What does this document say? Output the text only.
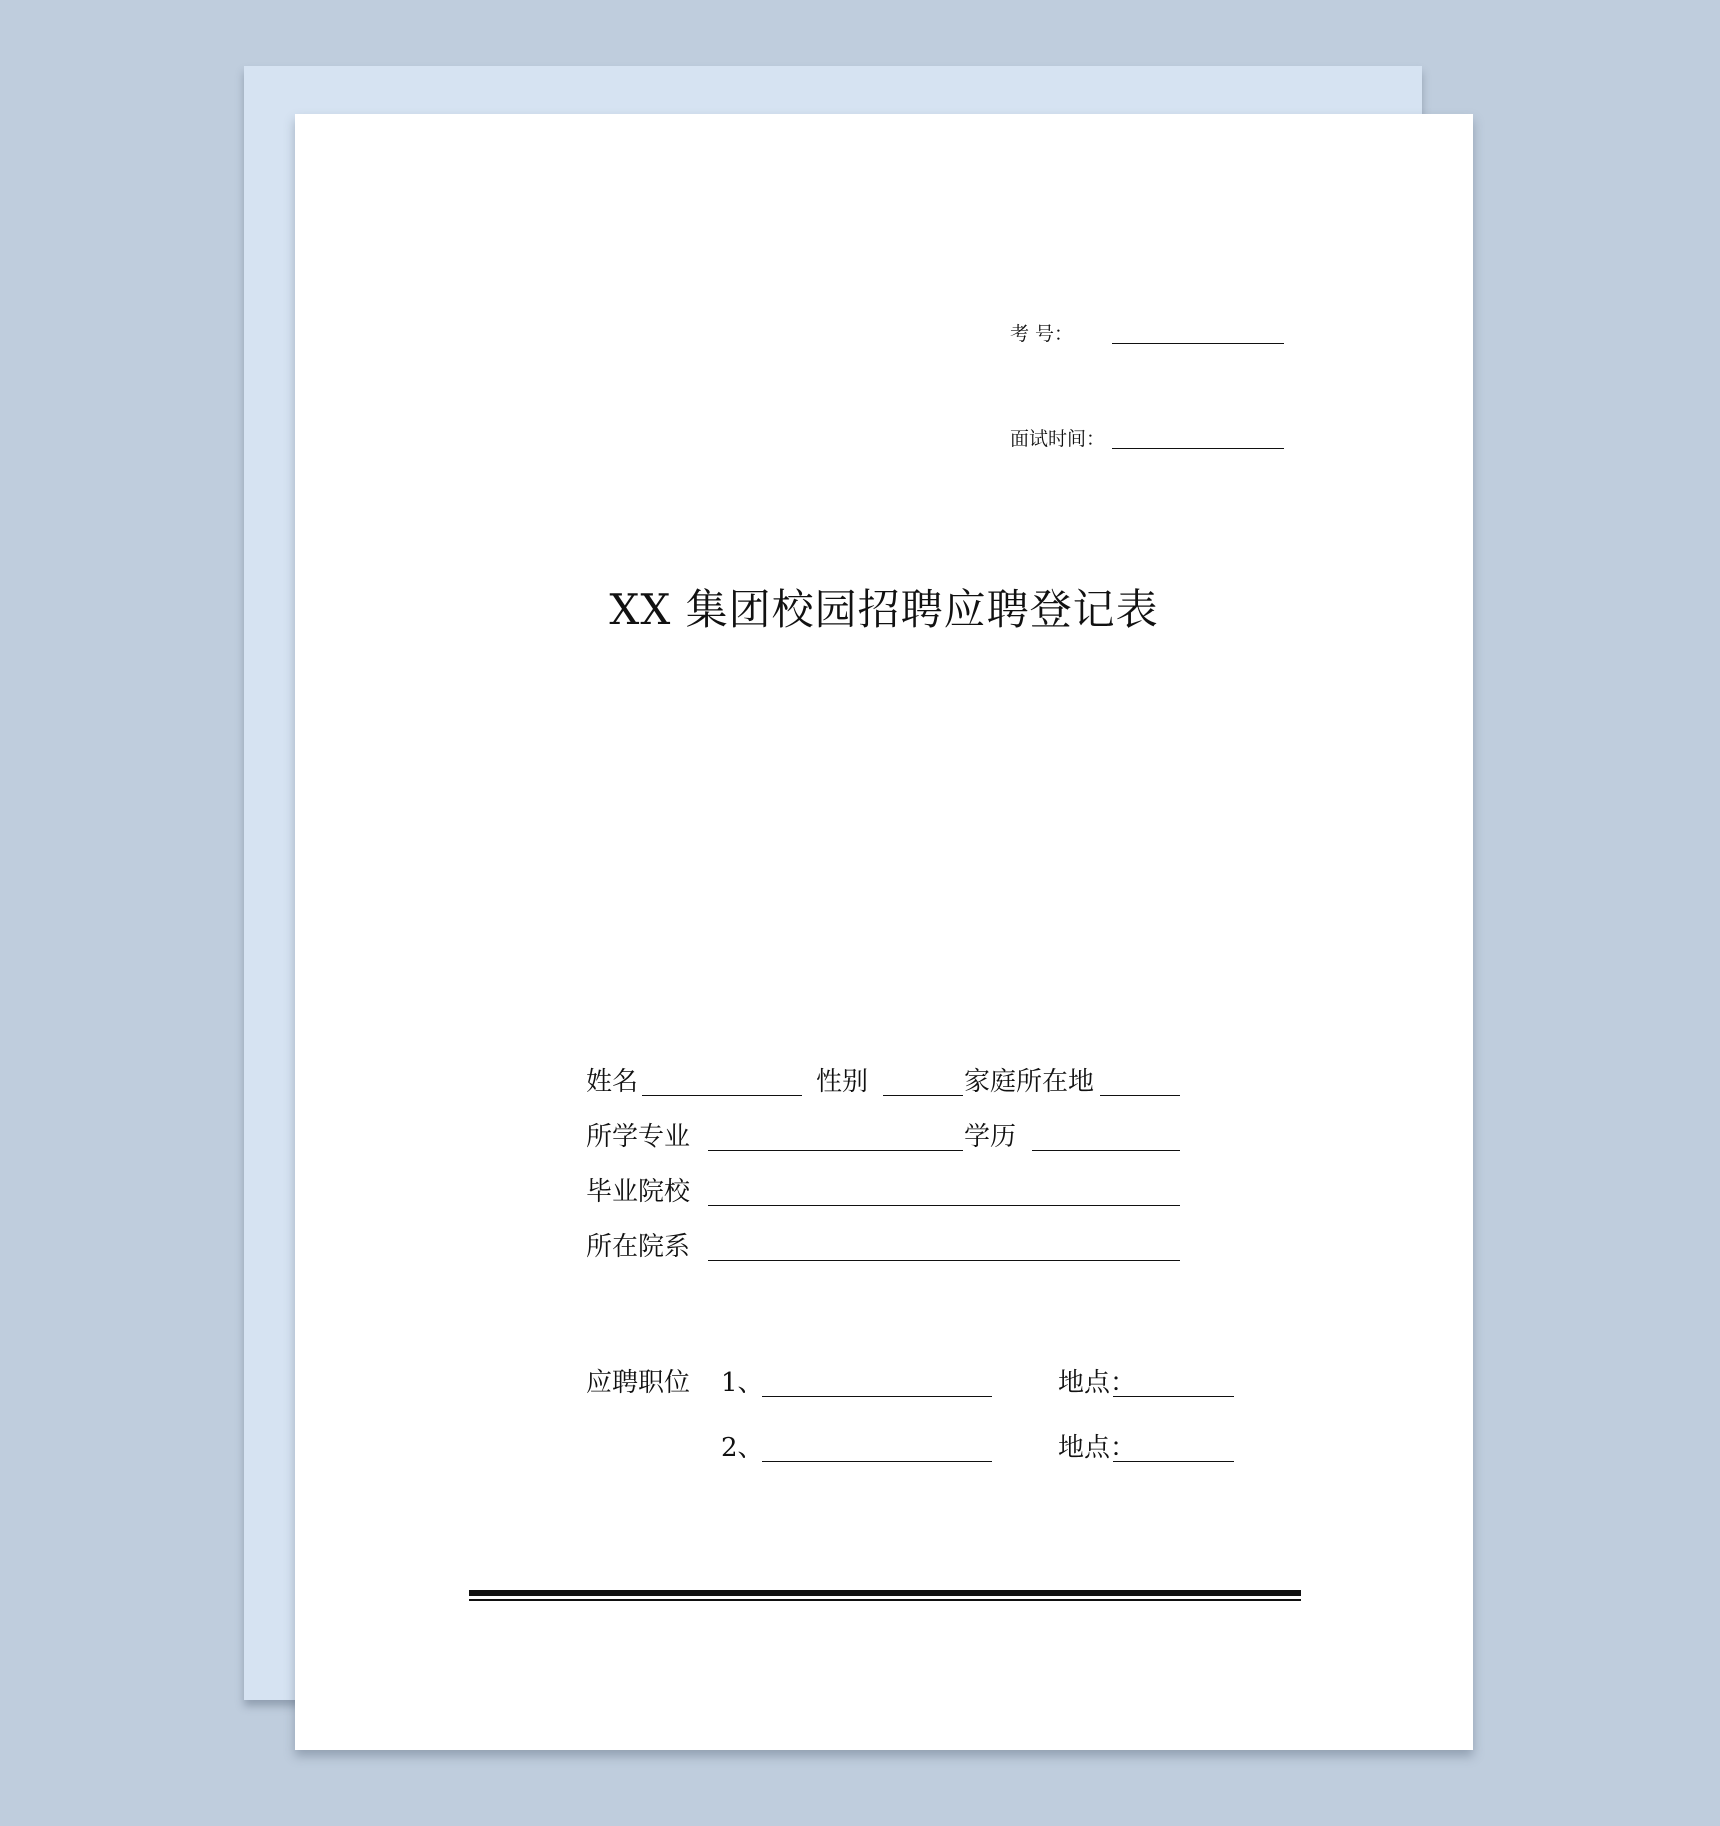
考 号：
面试时间：
XX 集团校园招聘应聘登记表
姓名	性别	家庭所在地
所学专业	学历
毕业院校
所在院系
应聘职位 1、	地点：
2、	地点：
